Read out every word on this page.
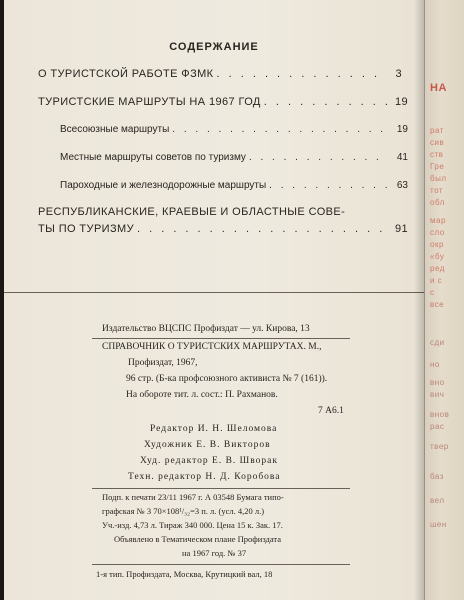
СОДЕРЖАНИЕ
О ТУРИСТСКОЙ РАБОТЕ ФЗМК . . .	3
ТУРИСТСКИЕ МАРШРУТЫ НА 1967 ГОД . . .	19
Всесоюзные маршруты . . .	19
Местные маршруты советов по туризму . . .	41
Пароходные и железнодорожные маршруты . . .	63
РЕСПУБЛИКАНСКИЕ, КРАЕВЫЕ И ОБЛАСТНЫЕ СОВЕ-
ТЫ ПО ТУРИЗМУ . . .	91
Издательство ВЦСПС Профиздат — ул. Кирова, 13
СПРАВОЧНИК О ТУРИСТСКИХ МАРШРУТАХ. М.,
Профиздат, 1967,
96 стр. (Б-ка профсоюзного активиста № 7 (161)).
На обороте тит. л. сост.: П. Рахманов.
7 А6.1
Редактор И. Н. Шеломова
Художник Е. В. Викторов
Худ. редактор Е. В. Шворак
Техн. редактор Н. Д. Коробова
Подп. к печати 23/11 1967 г. А 03548 Бумага типо-
графская № 3 70×108¹/₃₂=3 п. л. (усл. 4,20 л.)
Уч.-изд. 4,73 л. Тираж 340 000. Цена 15 к. Зак. 17.
Объявлено в Тематическом плане Профиздата
на 1967 год. № 37
1-я тип. Профиздата, Москва, Крутицкий вал, 18
НА
рат
сив
ств
Гре
был
тот
обл
мар
сло
окр
«бу
ред
и с
с
все
сди
но
вно
вич
внов
рас
твер
баз
вел
шен
